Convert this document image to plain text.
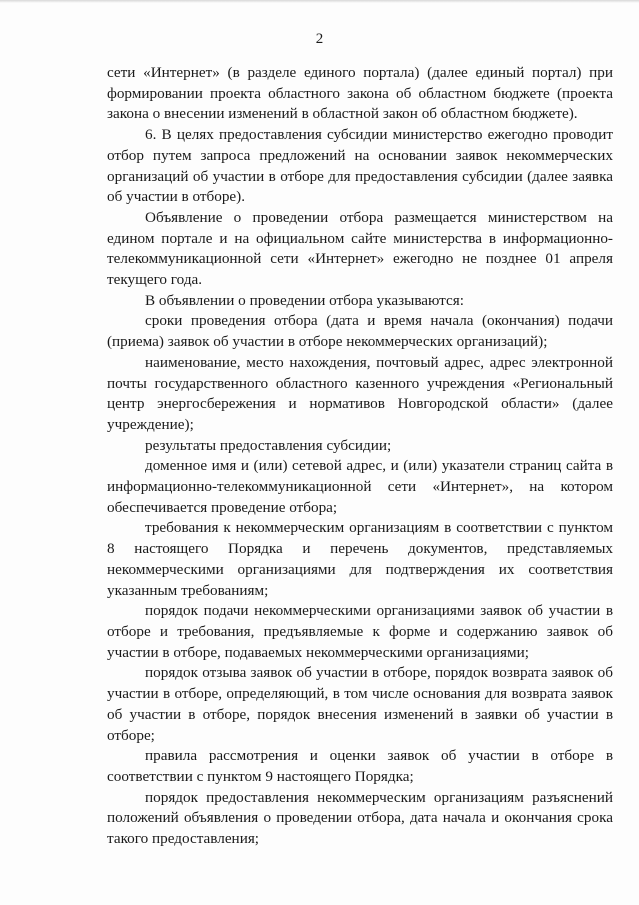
2

сети «Интернет» (в разделе единого портала) (далее единый портал) при формировании проекта областного закона об областном бюджете (проекта закона о внесении изменений в областной закон об областном бюджете).

6. В целях предоставления субсидии министерство ежегодно проводит отбор путем запроса предложений на основании заявок некоммерческих организаций об участии в отборе для предоставления субсидии (далее заявка об участии в отборе).

Объявление о проведении отбора размещается министерством на едином портале и на официальном сайте министерства в информационно-телекоммуникационной сети «Интернет» ежегодно не позднее 01 апреля текущего года.

В объявлении о проведении отбора указываются:

сроки проведения отбора (дата и время начала (окончания) подачи (приема) заявок об участии в отборе некоммерческих организаций);

наименование, место нахождения, почтовый адрес, адрес электронной почты государственного областного казенного учреждения «Региональный центр энергосбережения и нормативов Новгородской области» (далее учреждение);

результаты предоставления субсидии;

доменное имя и (или) сетевой адрес, и (или) указатели страниц сайта в информационно-телекоммуникационной сети «Интернет», на котором обеспечивается проведение отбора;

требования к некоммерческим организациям в соответствии с пунктом 8 настоящего Порядка и перечень документов, представляемых некоммерческими организациями для подтверждения их соответствия указанным требованиям;

порядок подачи некоммерческими организациями заявок об участии в отборе и требования, предъявляемые к форме и содержанию заявок об участии в отборе, подаваемых некоммерческими организациями;

порядок отзыва заявок об участии в отборе, порядок возврата заявок об участии в отборе, определяющий, в том числе основания для возврата заявок об участии в отборе, порядок внесения изменений в заявки об участии в отборе;

правила рассмотрения и оценки заявок об участии в отборе в соответствии с пунктом 9 настоящего Порядка;

порядок предоставления некоммерческим организациям разъяснений положений объявления о проведении отбора, дата начала и окончания срока такого предоставления;
